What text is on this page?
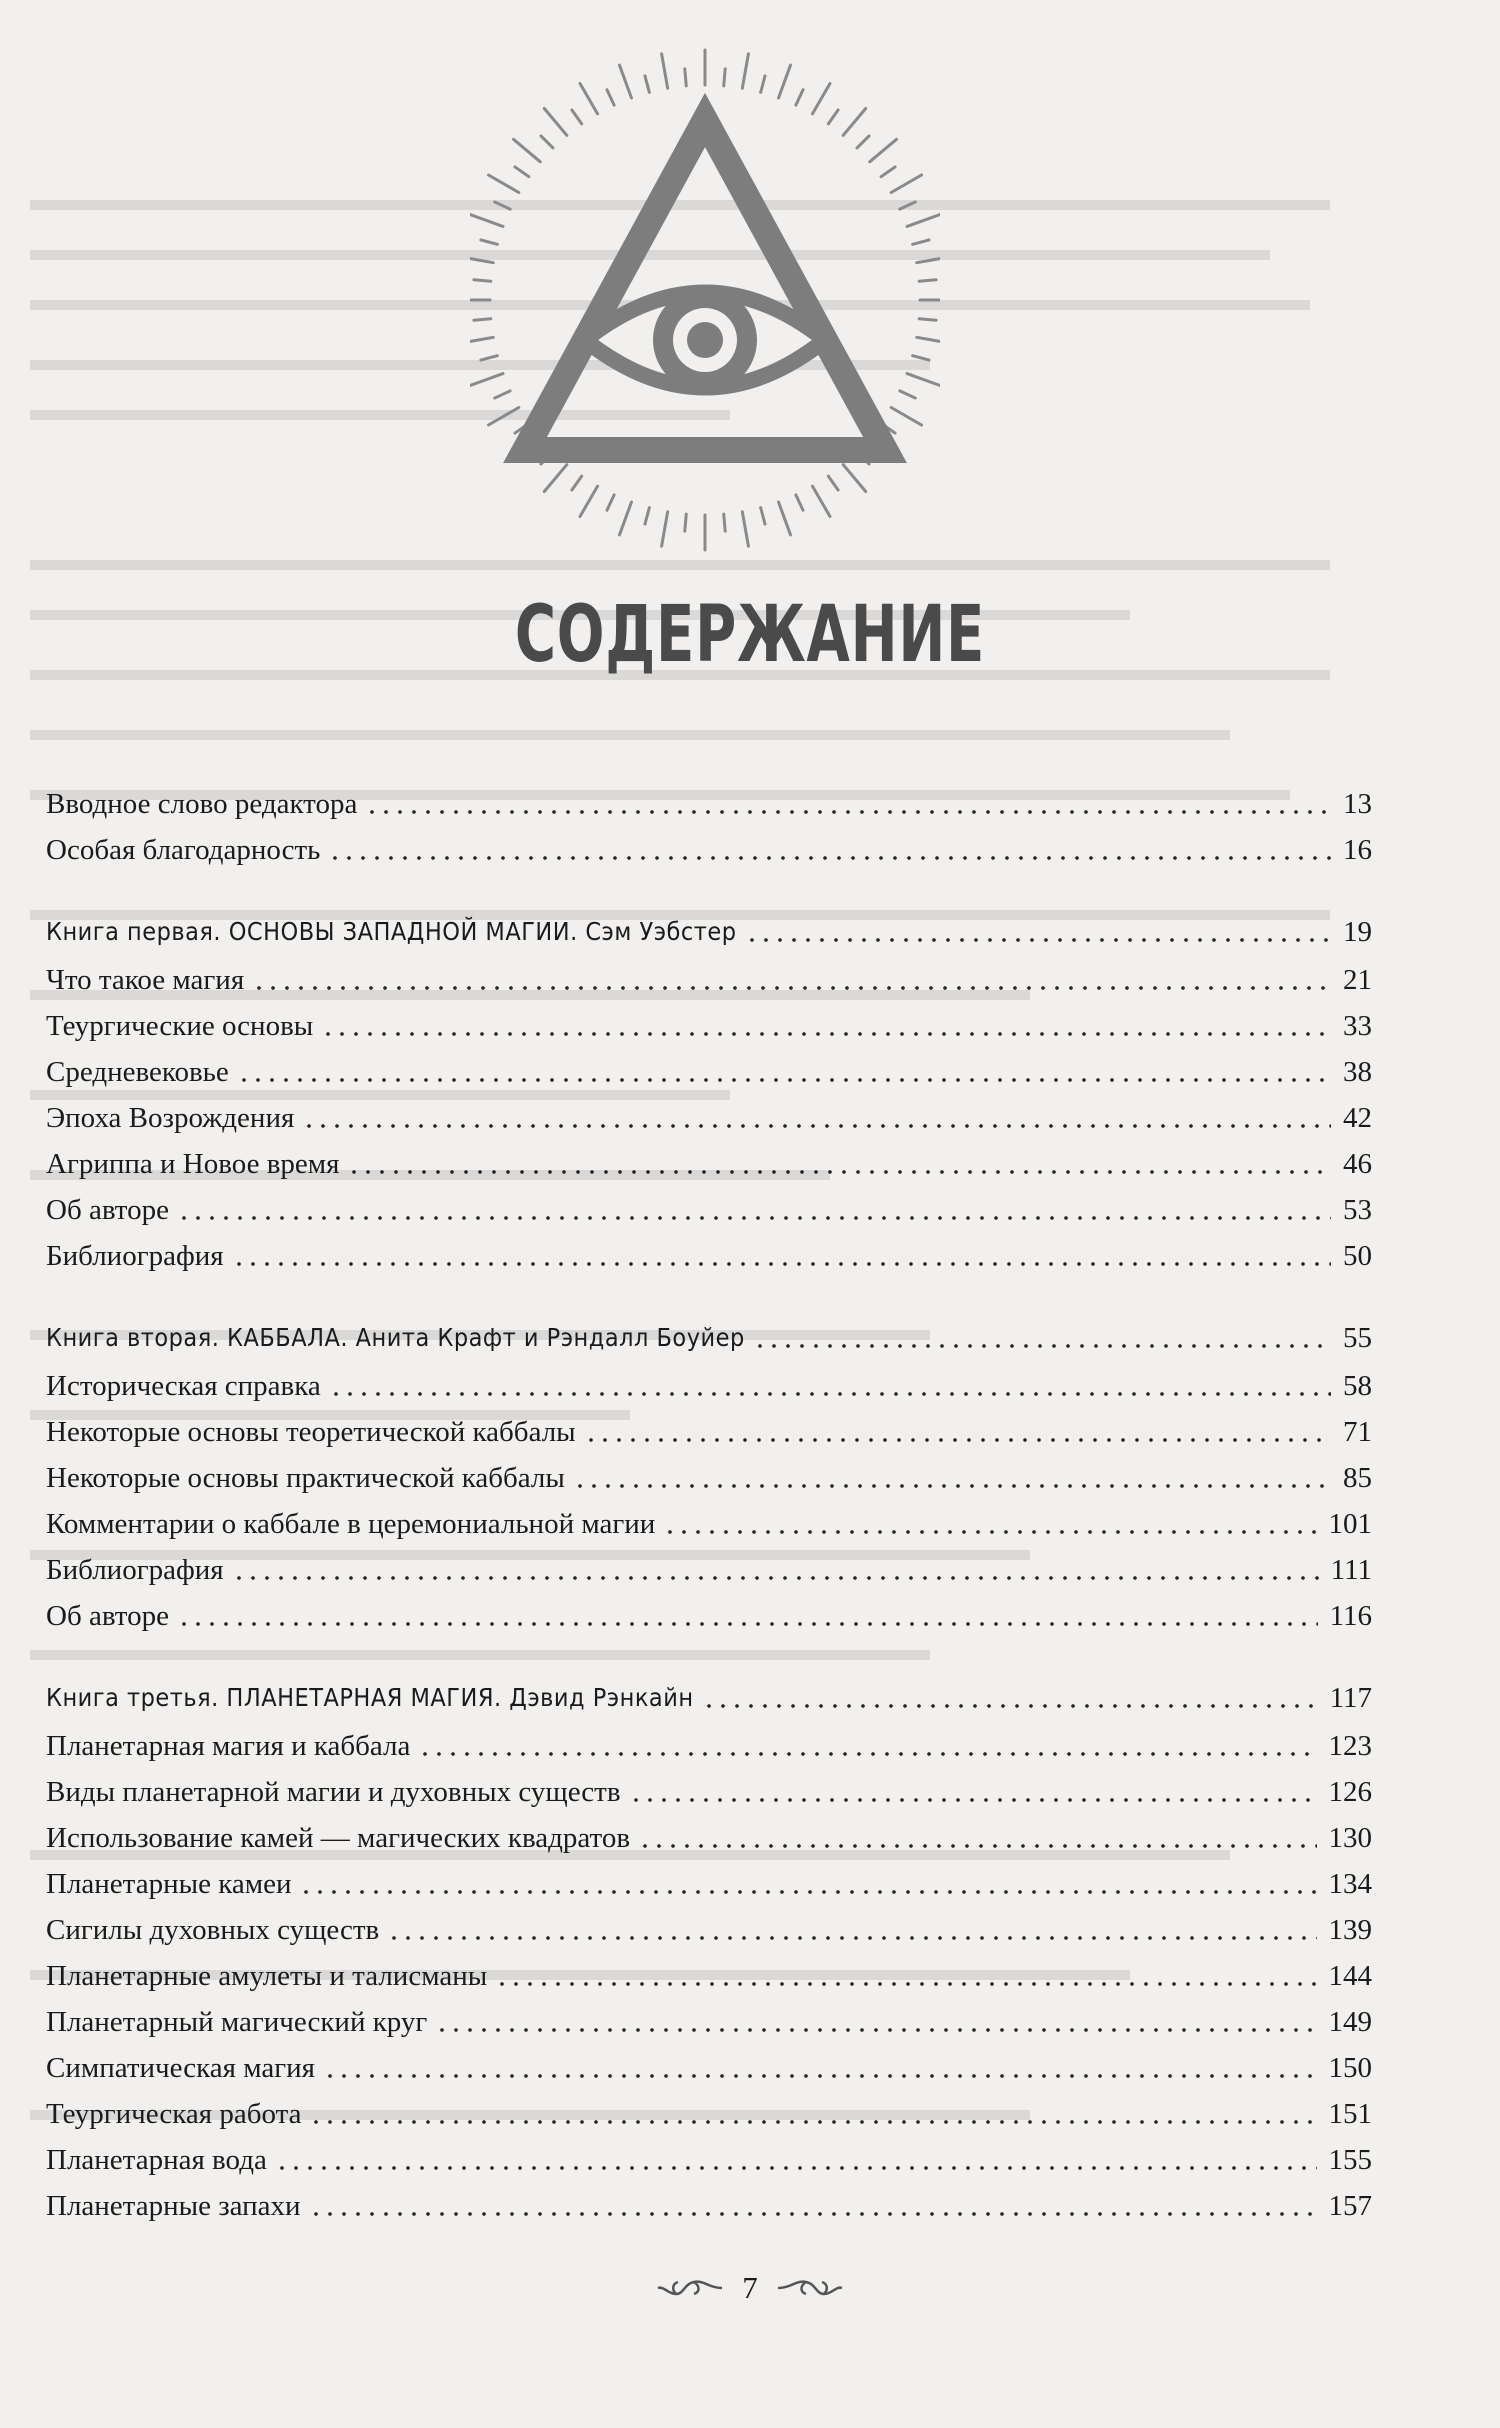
СОДЕРЖАНИЕ
Вводное слово редактора	13
Особая благодарность	16
Книга первая. ОСНОВЫ ЗАПАДНОЙ МАГИИ. Сэм Уэбстер	19
Что такое магия	21
Теургические основы	33
Средневековье	38
Эпоха Возрождения	42
Агриппа и Новое время	46
Об авторе	53
Библиография	50
Книга вторая. КАББАЛА. Анита Крафт и Рэндалл Боуйер	55
Историческая справка	58
Некоторые основы теоретической каббалы	71
Некоторые основы практической каббалы	85
Комментарии о каббале в церемониальной магии	101
Библиография	111
Об авторе	116
Книга третья. ПЛАНЕТАРНАЯ МАГИЯ. Дэвид Рэнкайн	117
Планетарная магия и каббала	123
Виды планетарной магии и духовных существ	126
Использование камей — магических квадратов	130
Планетарные камеи	134
Сигилы духовных существ	139
Планетарные амулеты и талисманы	144
Планетарный магический круг	149
Симпатическая магия	150
Теургическая работа	151
Планетарная вода	155
Планетарные запахи	157
7
